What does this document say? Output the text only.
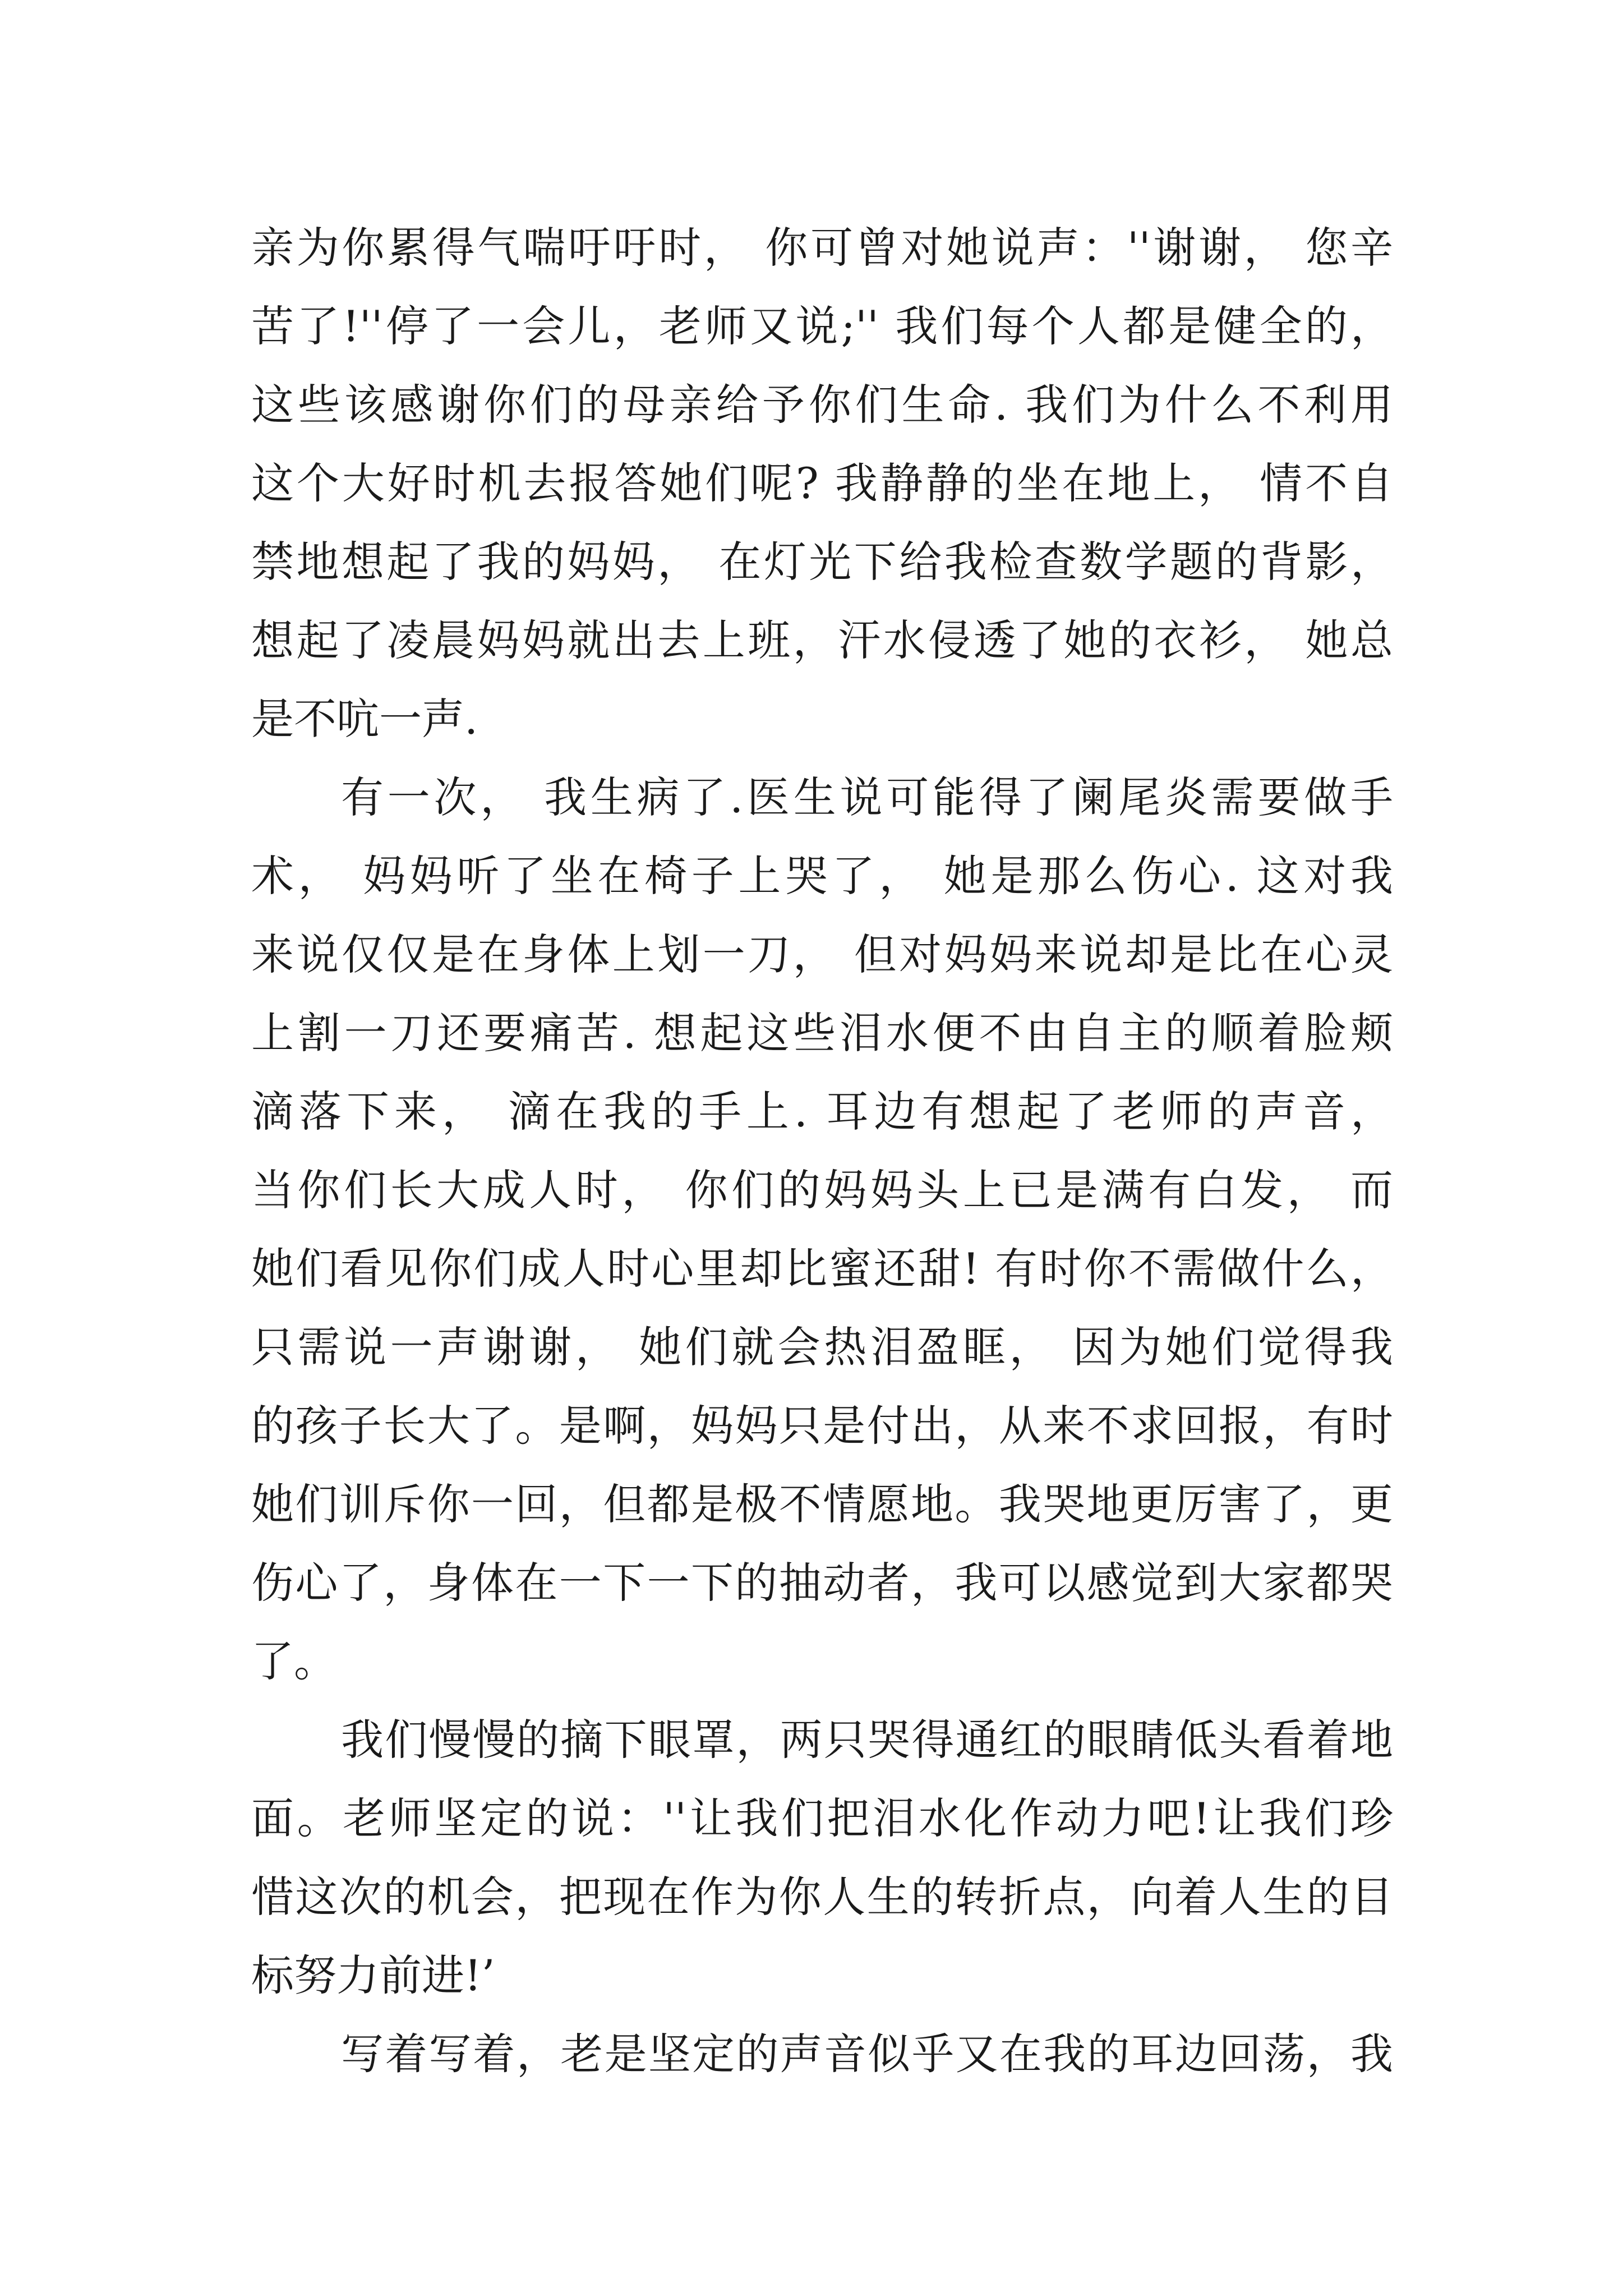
亲为你累得气喘吁吁时， 你可曾对她说声：''谢谢， 您辛
苦了!''停了一会儿，老师又说;'' 我们每个人都是健全的，
这些该感谢你们的母亲给予你们生命. 我们为什么不利用
这个大好时机去报答她们呢? 我静静的坐在地上， 情不自
禁地想起了我的妈妈， 在灯光下给我检查数学题的背影，
想起了凌晨妈妈就出去上班，汗水侵透了她的衣衫， 她总
是不吭一声.
有一次， 我生病了.医生说可能得了阑尾炎需要做手
术， 妈妈听了坐在椅子上哭了， 她是那么伤心. 这对我
来说仅仅是在身体上划一刀， 但对妈妈来说却是比在心灵
上割一刀还要痛苦. 想起这些泪水便不由自主的顺着脸颊
滴落下来， 滴在我的手上. 耳边有想起了老师的声音，
当你们长大成人时， 你们的妈妈头上已是满有白发， 而
她们看见你们成人时心里却比蜜还甜! 有时你不需做什么，
只需说一声谢谢， 她们就会热泪盈眶， 因为她们觉得我
的孩子长大了。是啊，妈妈只是付出，从来不求回报，有时
她们训斥你一回，但都是极不情愿地。我哭地更厉害了，更
伤心了，身体在一下一下的抽动者，我可以感觉到大家都哭
了。
我们慢慢的摘下眼罩，两只哭得通红的眼睛低头看着地
面。老师坚定的说：''让我们把泪水化作动力吧!让我们珍
惜这次的机会，把现在作为你人生的转折点，向着人生的目
标努力前进!’
写着写着，老是坚定的声音似乎又在我的耳边回荡，我
